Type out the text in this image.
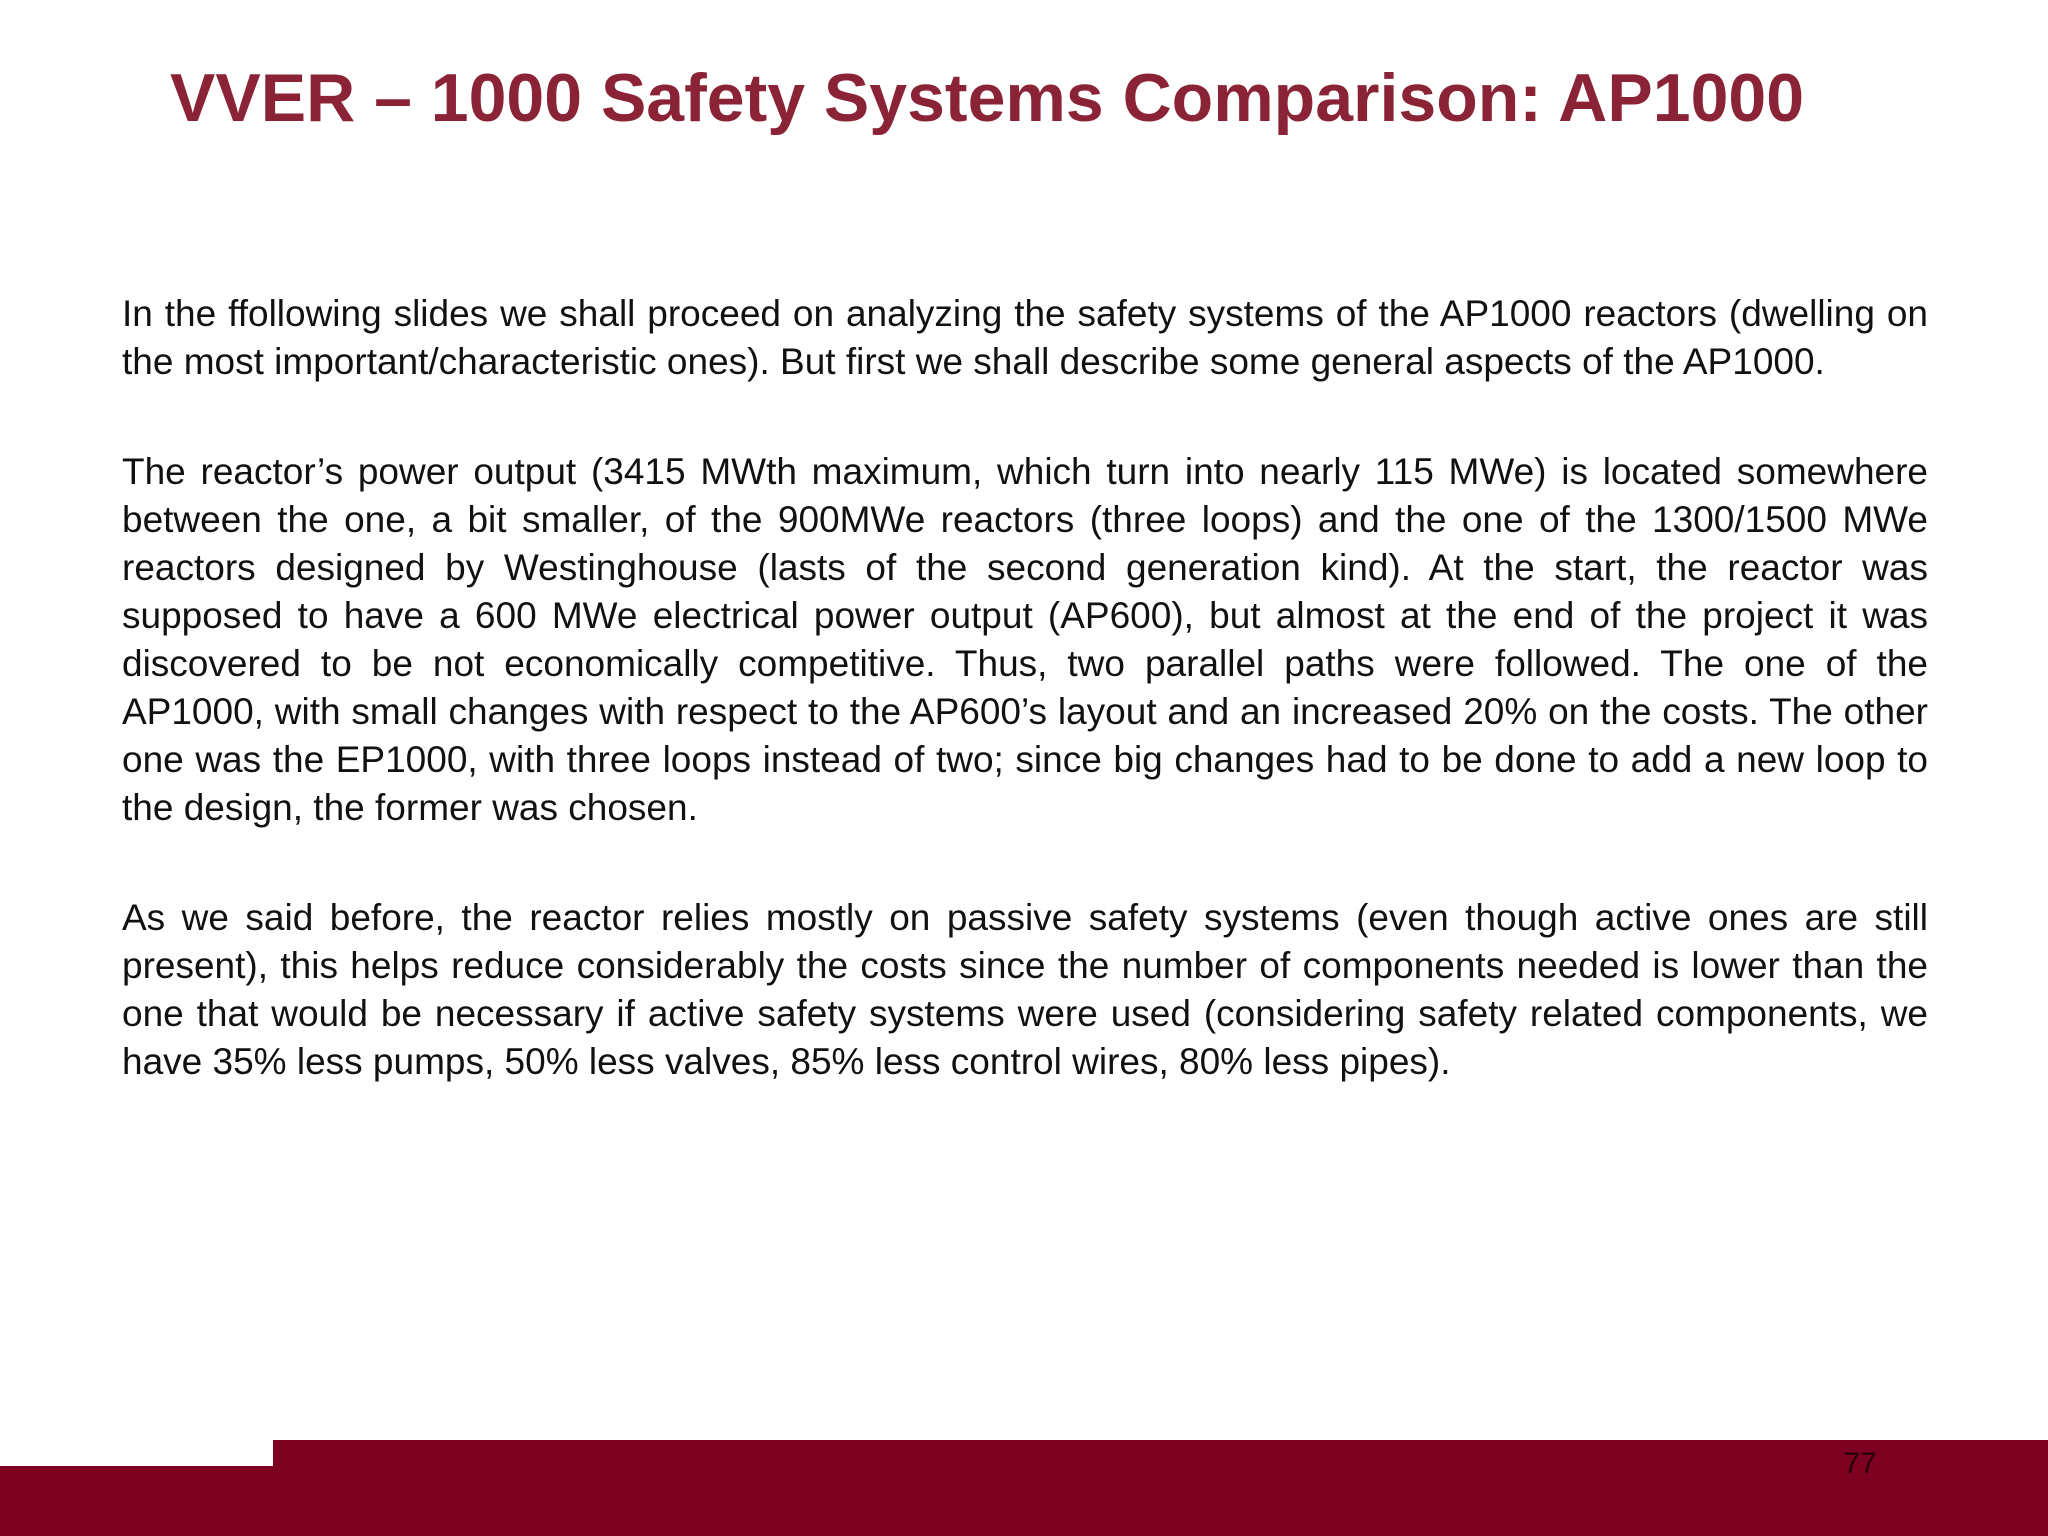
VVER – 1000 Safety Systems Comparison: AP1000

In the ffollowing slides we shall proceed on analyzing the safety systems of the AP1000 reactors (dwelling on the most important/characteristic ones). But first we shall describe some general aspects of the AP1000.

The reactor’s power output (3415 MWth maximum, which turn into nearly 115 MWe) is located somewhere between the one, a bit smaller, of the 900MWe reactors (three loops) and the one of the 1300/1500 MWe reactors designed by Westinghouse (lasts of the second generation kind). At the start, the reactor was supposed to have a 600 MWe electrical power output (AP600), but almost at the end of the project it was discovered to be not economically competitive. Thus, two parallel paths were followed. The one of the AP1000, with small changes with respect to the AP600’s layout and an increased 20% on the costs. The other one was the EP1000, with three loops instead of two; since big changes had to be done to add a new loop to the design, the former was chosen.

As we said before, the reactor relies mostly on passive safety systems (even though active ones are still present), this helps reduce considerably the costs since the number of components needed is lower than the one that would be necessary if active safety systems were used (considering safety related components, we have 35% less pumps, 50% less valves, 85% less control wires, 80% less pipes).

77
